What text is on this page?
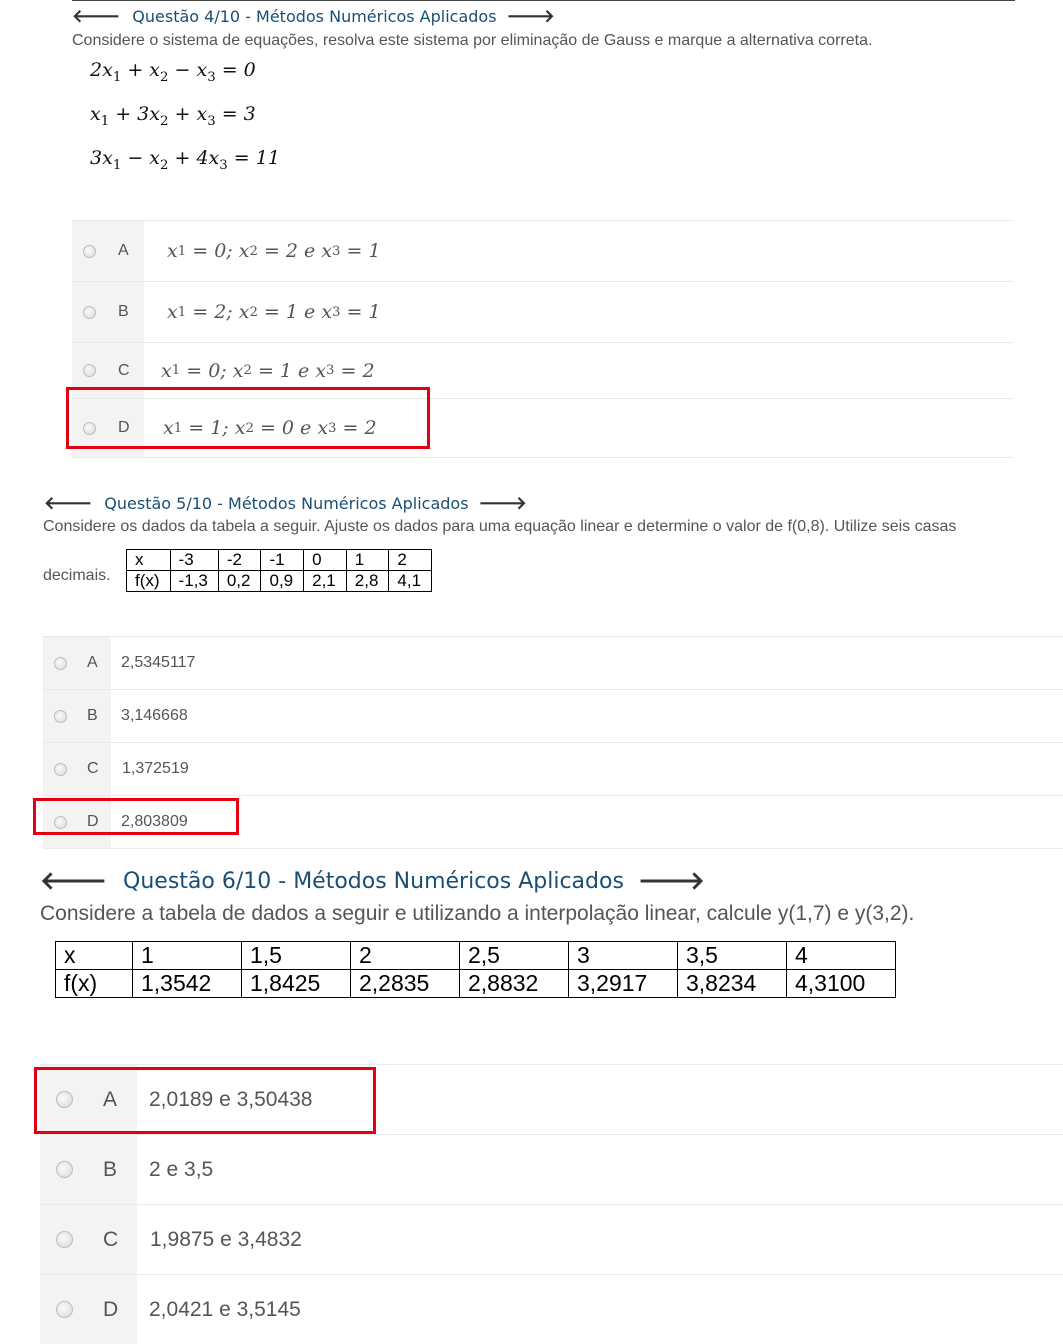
🡐 Questão 4/10 - Métodos Numéricos Aplicados 🡒
Considere o sistema de equações, resolva este sistema por eliminação de Gauss e marque a alternativa correta.
$2x_1 + x_2 - x_3 = 0$
$x_1 + 3x_2 + x_3 = 3$
$3x_1 - x_2 + 4x_3 = 11$
A	x 1 = 0 ; x 2 = 2 e x 3 = 1
B	x 1 = 2 ; x 2 = 1 e x 3 = 1
C	x 1 = 0 ; x 2 = 1 e x 3 = 2
D	x 1 = 1 ; x 2 = 0 e x 3 = 2
🡐 Questão 5/10 - Métodos Numéricos Aplicados 🡒
Considere os dados da tabela a seguir. Ajuste os dados para uma equação linear e determine o valor de f(0,8). Utilize seis casas
decimais.
x	-3	-2	-1	0	1	2
f(x)	-1,3	0,2	0,9	2,1	2,8	4,1
A	2,5345117
B	3,146668
C	1,372519
D	2,803809
🡐 Questão 6/10 - Métodos Numéricos Aplicados 🡒
Considere a tabela de dados a seguir e utilizando a interpolação linear, calcule y(1,7) e y(3,2).
x	1	1,5	2	2,5	3	3,5	4
f(x)	1,3542	1,8425	2,2835	2,8832	3,2917	3,8234	4,3100
A	2,0189 e 3,50438
B	2 e 3,5
C	1,9875 e 3,4832
D	2,0421 e 3,5145
